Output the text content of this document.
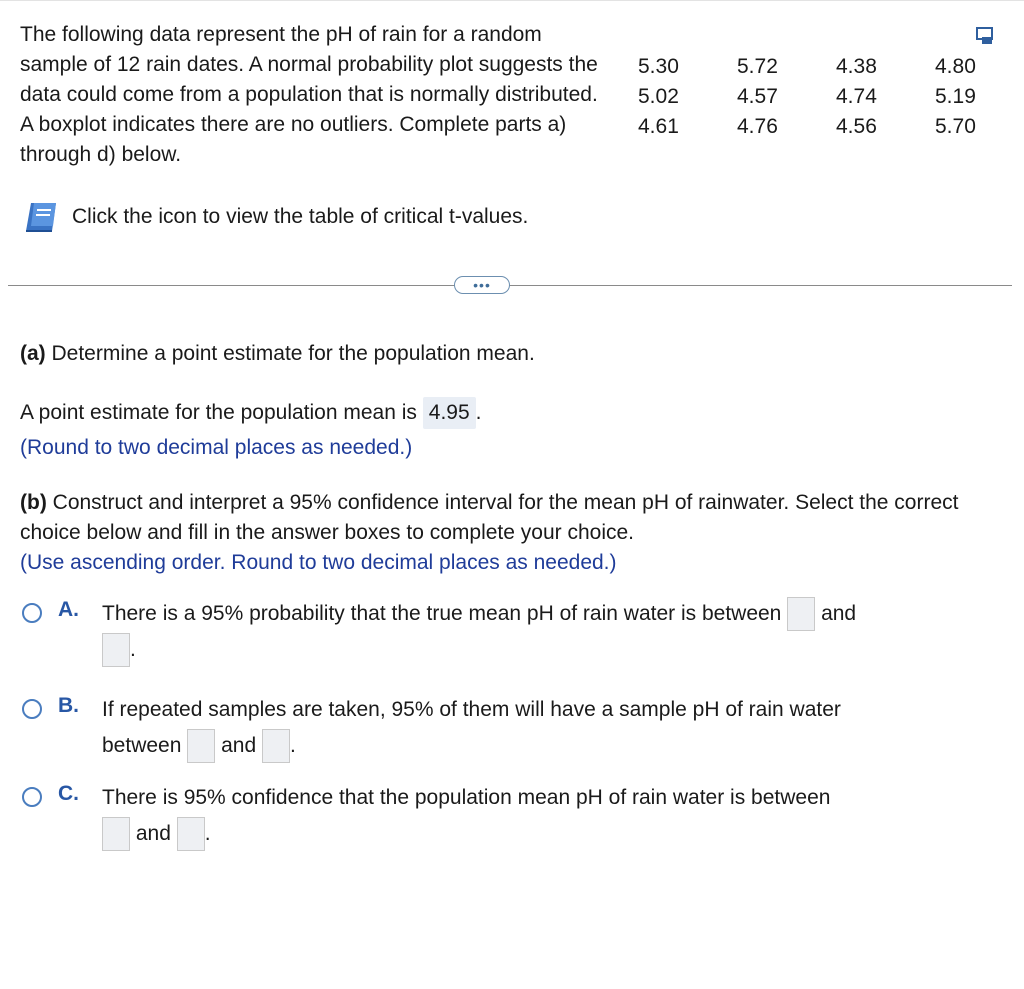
The following data represent the pH of rain for a random sample of 12 rain dates. A normal probability plot suggests the data could come from a population that is normally distributed. A boxplot indicates there are no outliers. Complete parts a) through d) below.

5.30	5.72	4.38	4.80
5.02	4.57	4.74	5.19
4.61	4.76	4.56	5.70
Click the icon to view the table of critical t-values.
•••

(a) Determine a point estimate for the population mean.

A point estimate for the population mean is 4.95 .

(Round to two decimal places as needed.)

(b) Construct and interpret a 95% confidence interval for the mean pH of rainwater. Select the correct choice below and fill in the answer boxes to complete your choice.

(Use ascending order. Round to two decimal places as needed.)

A. There is a 95% probability that the true mean pH of rain water is between and
.
B. If repeated samples are taken, 95% of them will have a sample pH of rain water
between and .
C. There is 95% confidence that the population mean pH of rain water is between
and .
